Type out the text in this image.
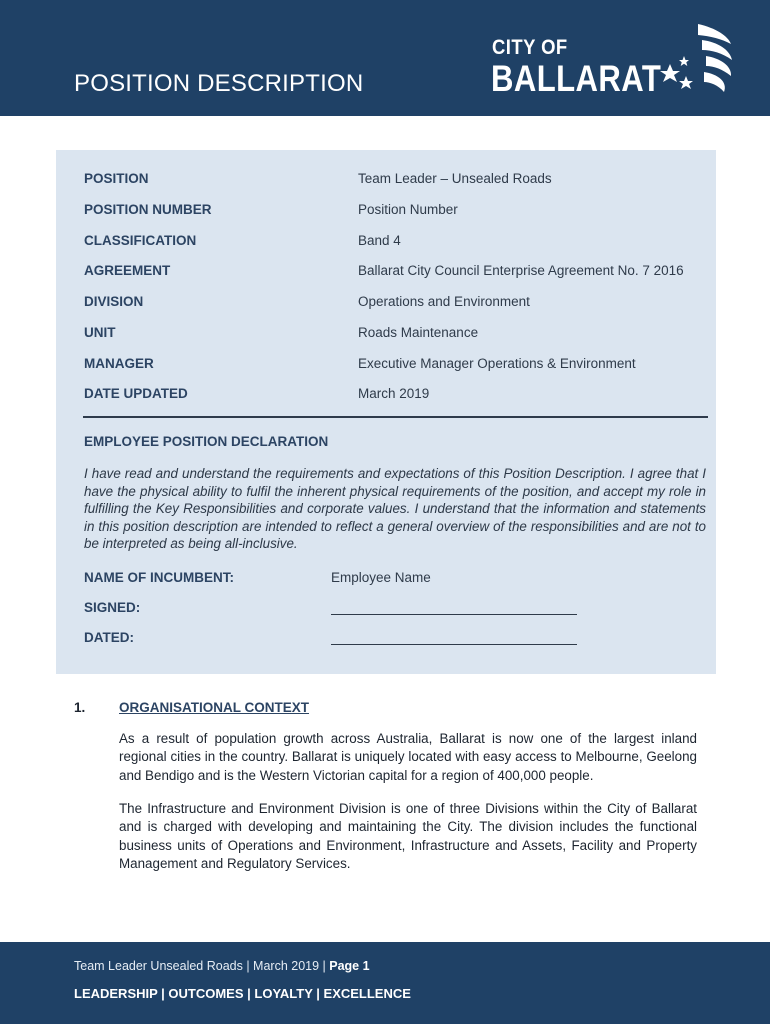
POSITION DESCRIPTION
CITY OF
BALLARAT
POSITION	Team Leader – Unsealed Roads
POSITION NUMBER	Position Number
CLASSIFICATION	Band 4
AGREEMENT	Ballarat City Council Enterprise Agreement No. 7 2016
DIVISION	Operations and Environment
UNIT	Roads Maintenance
MANAGER	Executive Manager Operations & Environment
DATE UPDATED	March 2019
EMPLOYEE POSITION DECLARATION
I have read and understand the requirements and expectations of this Position Description. I agree that I have the physical ability to fulfil the inherent physical requirements of the position, and accept my role in fulfilling the Key Responsibilities and corporate values. I understand that the information and statements in this position description are intended to reflect a general overview of the responsibilities and are not to be interpreted as being all-inclusive.
NAME OF INCUMBENT:	Employee Name
SIGNED:
DATED:
1. ORGANISATIONAL CONTEXT
As a result of population growth across Australia, Ballarat is now one of the largest inland regional cities in the country. Ballarat is uniquely located with easy access to Melbourne, Geelong and Bendigo and is the Western Victorian capital for a region of 400,000 people.
The Infrastructure and Environment Division is one of three Divisions within the City of Ballarat and is charged with developing and maintaining the City. The division includes the functional business units of Operations and Environment, Infrastructure and Assets, Facility and Property Management and Regulatory Services.
Team Leader Unsealed Roads | March 2019 | Page 1
LEADERSHIP | OUTCOMES | LOYALTY | EXCELLENCE
